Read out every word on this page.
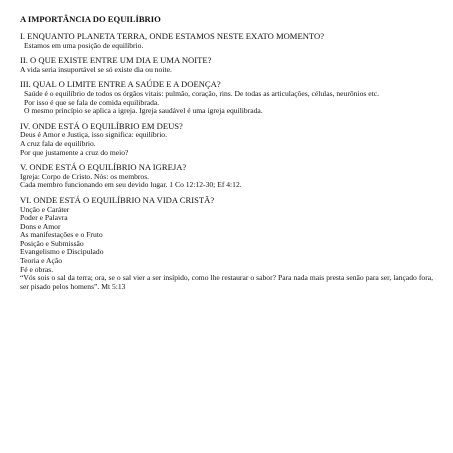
A IMPORTÂNCIA DO EQUILÍBRIO
I. ENQUANTO PLANETA TERRA, ONDE ESTAMOS NESTE EXATO MOMENTO?
Estamos em uma posição de equilíbrio.
II. O QUE EXISTE ENTRE UM DIA E UMA NOITE?
A vida seria insuportável se só existe dia ou noite.
III. QUAL O LIMITE ENTRE A SAÚDE E A DOENÇA?
Saúde é o equilíbrio de todos os órgãos vitais: pulmão, coração, rins. De todas as articulações, células, neurônios etc.
Por isso é que se fala de comida equilibrada.
O mesmo princípio se aplica a igreja. Igreja saudável é uma igreja equilibrada.
IV. ONDE ESTÁ O EQUILÍBRIO EM DEUS?
Deus é Amor e Justiça, isso significa: equilíbrio.
A cruz fala de equilíbrio.
Por que justamente a cruz do meio?
V. ONDE ESTÁ O EQUILÍBRIO NA IGREJA?
Igreja: Corpo de Cristo. Nós: os membros.
Cada membro funcionando em seu devido lugar. 1 Co 12:12-30; Ef 4:12.
VI. ONDE ESTÁ O EQUILÍBRIO NA VIDA CRISTÃ?
Unção e Caráter
Poder e Palavra
Dons e Amor
As manifestações e o Fruto
Posição e Submissão
Evangelismo e Discipulado
Teoria e Ação
Fé e obras.
“Vós sois o sal da terra; ora, se o sal vier a ser insípido, como lhe restaurar o sabor? Para nada mais presta senão para ser, lançado fora, ser pisado pelos homens”. Mt 5:13
